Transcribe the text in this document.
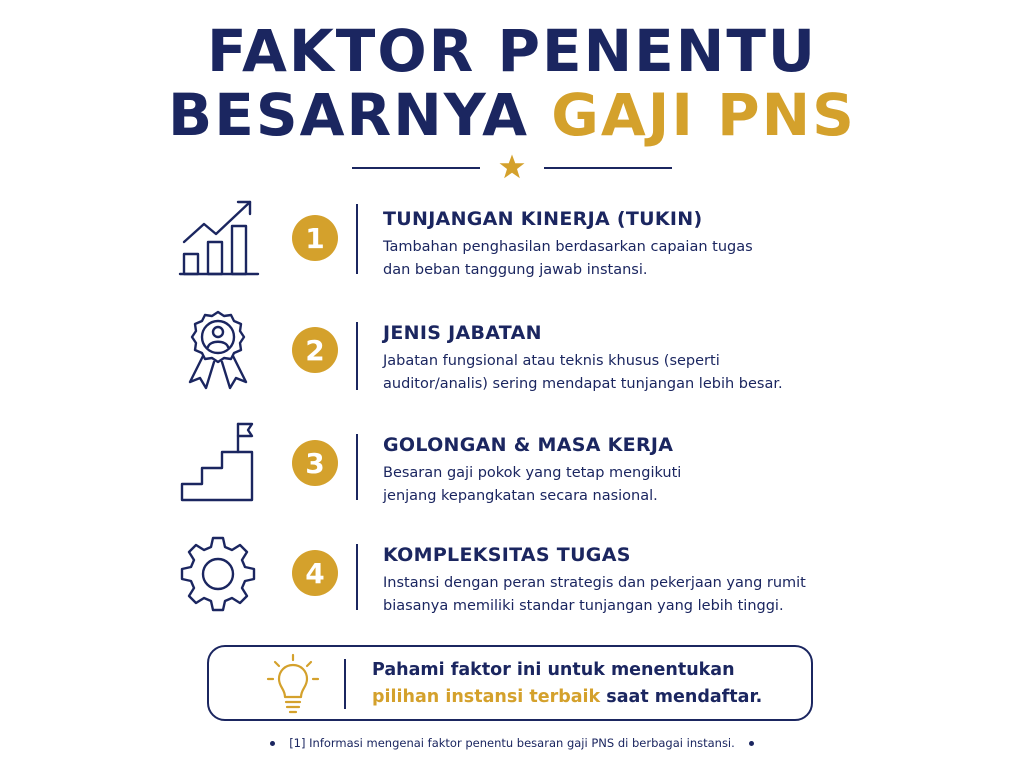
FAKTOR PENENTU
BESARNYA GAJI PNS
1
TUNJANGAN KINERJA (TUKIN)

Tambahan penghasilan berdasarkan capaian tugas
dan beban tanggung jawab instansi.

2
JENIS JABATAN

Jabatan fungsional atau teknis khusus (seperti
auditor/analis) sering mendapat tunjangan lebih besar.

3
GOLONGAN & MASA KERJA

Besaran gaji pokok yang tetap mengikuti
jenjang kepangkatan secara nasional.

4
KOMPLEKSITAS TUGAS

Instansi dengan peran strategis dan pekerjaan yang rumit
biasanya memiliki standar tunjangan yang lebih tinggi.

Pahami faktor ini untuk menentukan
pilihan instansi terbaik saat mendaftar.

[1] Informasi mengenai faktor penentu besaran gaji PNS di berbagai instansi.
